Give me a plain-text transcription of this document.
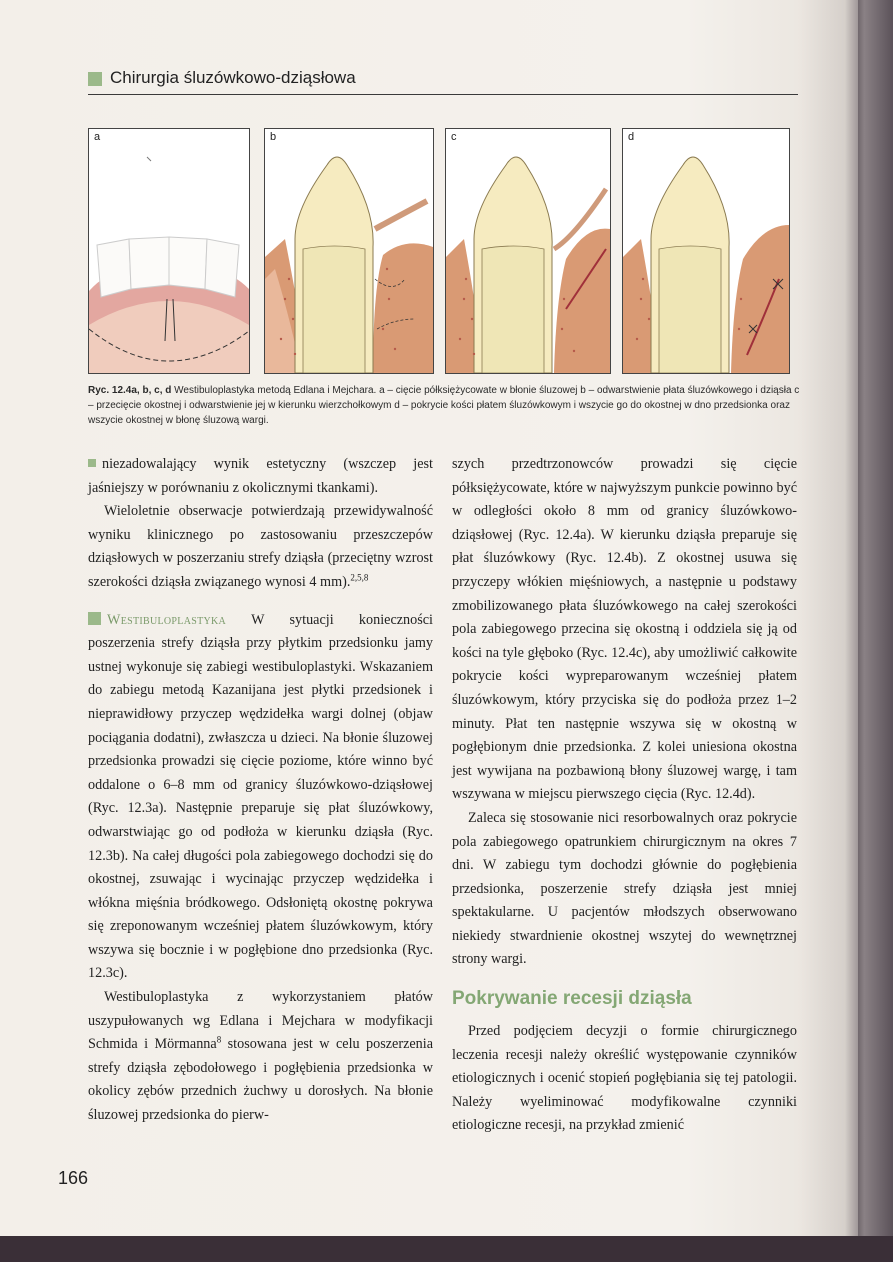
Chirurgia śluzówkowo-dziąsłowa
a	b	c	d
Ryc. 12.4a, b, c, d Westibuloplastyka metodą Edlana i Mejchara. a – cięcie półksiężycowate w błonie śluzowej b – odwarstwienie płata śluzówkowego i dziąsła c – przecięcie okostnej i odwarstwienie jej w kierunku wierzchołkowym d – pokrycie kości płatem śluzówkowym i wszycie go do okostnej w dno przedsionka oraz wszycie okostnej w błonę śluzową wargi.

niezadowalający wynik estetyczny (wszczep jest jaśniejszy w porównaniu z okolicznymi tkankami).

Wieloletnie obserwacje potwierdzają przewidywalność wyniku klinicznego po zastosowaniu przeszczepów dziąsłowych w poszerzaniu strefy dziąsła (przeciętny wzrost szerokości dziąsła związanego wynosi 4 mm).$^{2,5,8}$

Westibuloplastyka W sytuacji konieczności poszerzenia strefy dziąsła przy płytkim przedsionku jamy ustnej wykonuje się zabiegi westibuloplastyki. Wskazaniem do zabiegu metodą Kazanijana jest płytki przedsionek i nieprawidłowy przyczep wędzidełka wargi dolnej (objaw pociągania dodatni), zwłaszcza u dzieci. Na błonie śluzowej przedsionka prowadzi się cięcie poziome, które winno być oddalone o 6–8 mm od granicy śluzówkowo-dziąsłowej (Ryc. 12.3a). Następnie preparuje się płat śluzówkowy, odwarstwiając go od podłoża w kierunku dziąsła (Ryc. 12.3b). Na całej długości pola zabiegowego dochodzi się do okostnej, zsuwając i wycinając przyczep wędzidełka i włókna mięśnia bródkowego. Odsłoniętą okostnę pokrywa się zreponowanym wcześniej płatem śluzówkowym, który wszywa się bocznie i w pogłębione dno przedsionka (Ryc. 12.3c).

Westibuloplastyka z wykorzystaniem płatów uszypułowanych wg Edlana i Mejchara w modyfikacji Schmida i Mörmanna$^8$ stosowana jest w celu poszerzenia strefy dziąsła zębodołowego i pogłębienia przedsionka w okolicy zębów przednich żuchwy u dorosłych. Na błonie śluzowej przedsionka do pierw-

szych przedtrzonowców prowadzi się cięcie półksiężycowate, które w najwyższym punkcie powinno być w odległości około 8 mm od granicy śluzówkowo-dziąsłowej (Ryc. 12.4a). W kierunku dziąsła preparuje się płat śluzówkowy (Ryc. 12.4b). Z okostnej usuwa się przyczepy włókien mięśniowych, a następnie u podstawy zmobilizowanego płata śluzówkowego na całej szerokości pola zabiegowego przecina się okostną i oddziela się ją od kości na tyle głęboko (Ryc. 12.4c), aby umożliwić całkowite pokrycie kości wypreparowanym wcześniej płatem śluzówkowym, który przyciska się do podłoża przez 1–2 minuty. Płat ten następnie wszywa się w okostną w pogłębionym dnie przedsionka. Z kolei uniesiona okostna jest wywijana na pozbawioną błony śluzowej wargę, i tam wszywana w miejscu pierwszego cięcia (Ryc. 12.4d).

Zaleca się stosowanie nici resorbowalnych oraz pokrycie pola zabiegowego opatrunkiem chirurgicznym na okres 7 dni. W zabiegu tym dochodzi głównie do pogłębienia przedsionka, poszerzenie strefy dziąsła jest mniej spektakularne. U pacjentów młodszych obserwowano niekiedy stwardnienie okostnej wszytej do wewnętrznej strony wargi.

Pokrywanie recesji dziąsła

Przed podjęciem decyzji o formie chirurgicznego leczenia recesji należy określić występowanie czynników etiologicznych i ocenić stopień pogłębiania się tej patologii. Należy wyeliminować modyfikowalne czynniki etiologiczne recesji, na przykład zmienić

166
